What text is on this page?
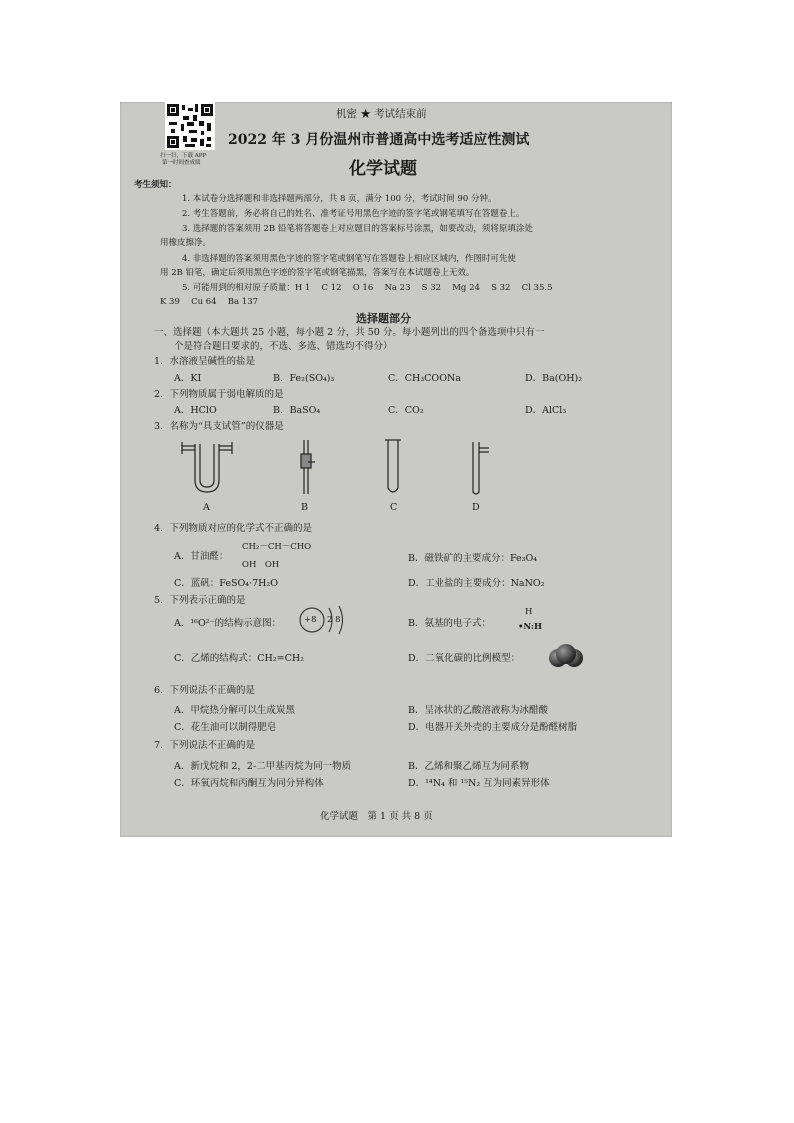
扫一扫，下载 APP
第一时间查成绩
机密 ★ 考试结束前
2022 年 3 月份温州市普通高中选考适应性测试
化学试题
考生须知：
1. 本试卷分选择题和非选择题两部分，共 8 页，满分 100 分，考试时间 90 分钟。
2. 考生答题前，务必将自己的姓名、准考证号用黑色字迹的签字笔或钢笔填写在答题卷上。
3. 选择题的答案须用 2B 铅笔将答题卷上对应题目的答案标号涂黑，如要改动，须将原填涂处
用橡皮擦净。
4. 非选择题的答案须用黑色字迹的签字笔或钢笔写在答题卷上相应区域内，作图时可先使
用 2B 铅笔，确定后须用黑色字迹的签字笔或钢笔描黑，答案写在本试题卷上无效。
5. 可能用到的相对原子质量：H 1　 C 12　 O 16　 Na 23　 S 32　 Mg 24　 S 32　 Cl 35.5
K 39　 Cu 64　 Ba 137
选择题部分
一、选择题（本大题共 25 小题，每小题 2 分，共 50 分。每小题列出的四个备选项中只有一
个是符合题目要求的，不选、多选、错选均不得分）
1．水溶液呈碱性的盐是
A．KI	B．Fe₂(SO₄)₃	C．CH₃COONa	D．Ba(OH)₂
2．下列物质属于弱电解质的是
A．HClO	B．BaSO₄	C．CO₂	D．AlCl₃
3．名称为“具支试管”的仪器是
A	B	C	D
4．下列物质对应的化学式不正确的是
A．甘油醛：
CH₂－CH－CHO
OH　OH
B．磁铁矿的主要成分：Fe₃O₄
C．蓝矾：FeSO₄·7H₂O	D．工业盐的主要成分：NaNO₂
5．下列表示正确的是
A．¹⁶O²⁻的结构示意图：	+8 2 8	B．氨基的电子式：
H
•N:H
C．乙烯的结构式：CH₂=CH₂	D．二氧化碳的比例模型：
6．下列说法不正确的是
A．甲烷热分解可以生成炭黑	B．呈冰状的乙酸溶液称为冰醋酸
C．花生油可以制得肥皂	D．电器开关外壳的主要成分是酚醛树脂
7．下列说法不正确的是
A．新戊烷和 2，2-二甲基丙烷为同一物质	B．乙烯和聚乙烯互为同系物
C．环氧丙烷和丙酮互为同分异构体	D．¹⁴N₄ 和 ¹⁵N₂ 互为同素异形体
化学试题　第 1 页 共 8 页
